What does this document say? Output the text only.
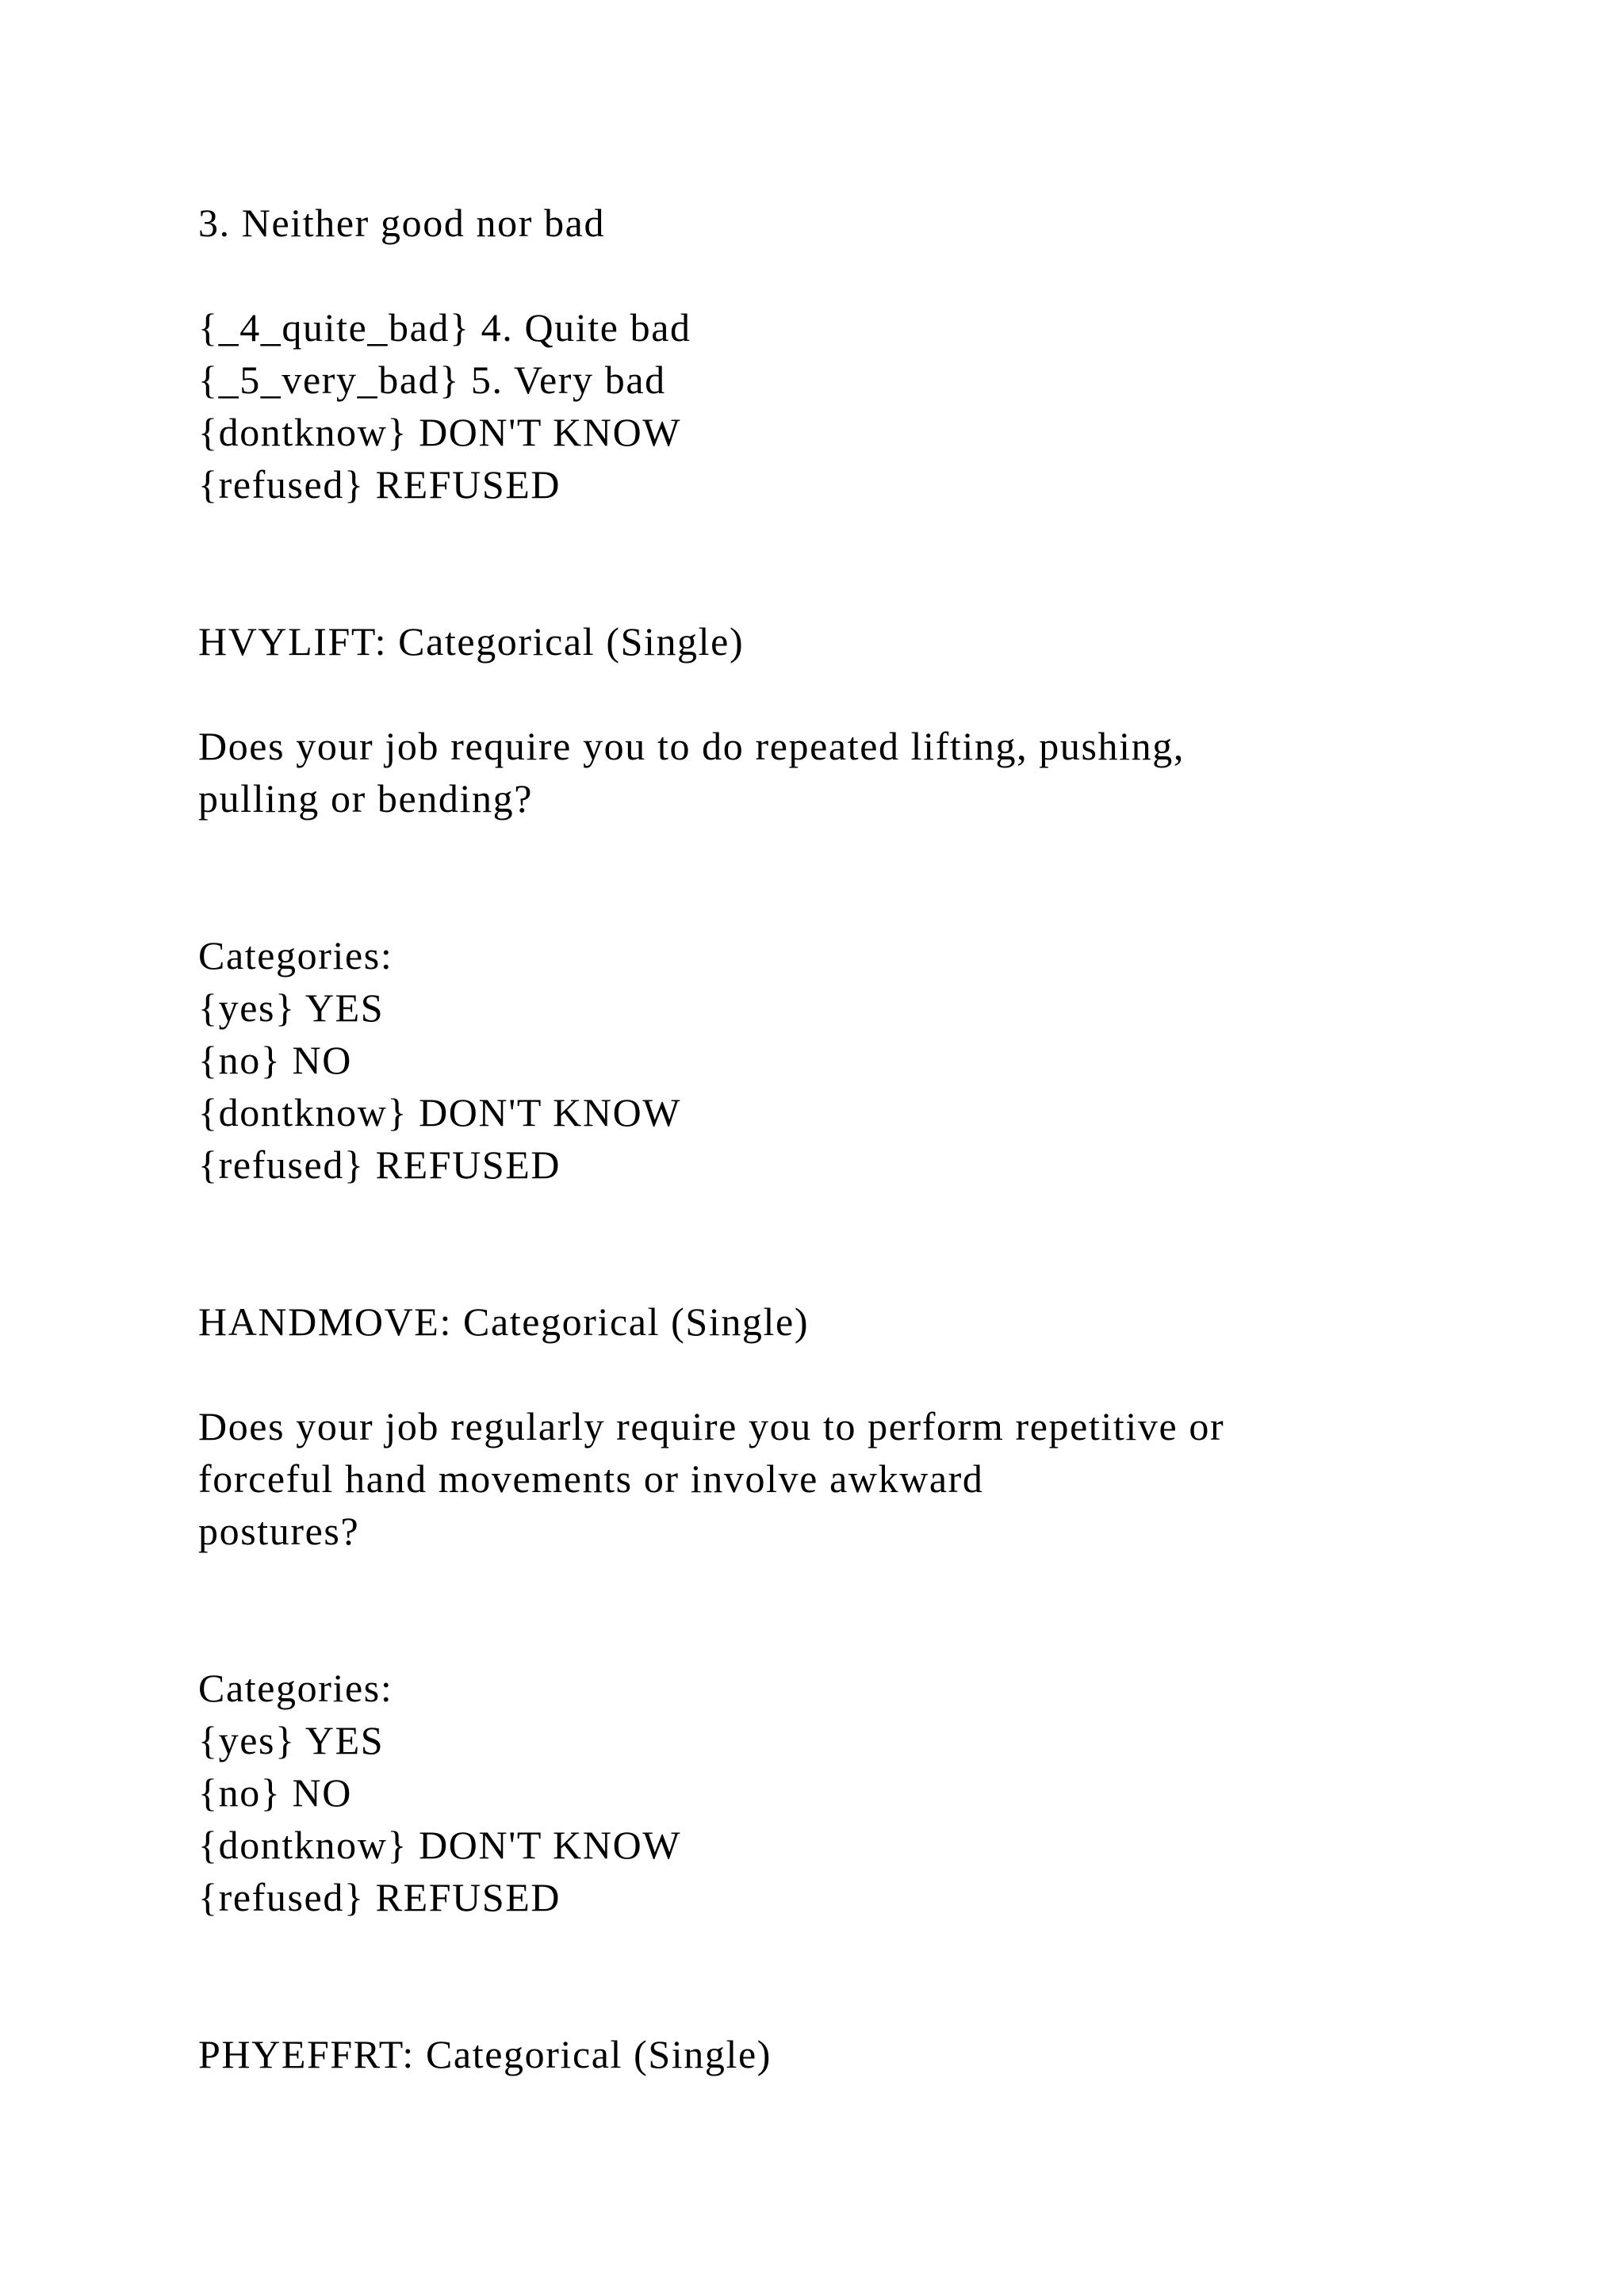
3. Neither good nor bad

{_4_quite_bad} 4. Quite bad

{_5_very_bad} 5. Very bad

{dontknow} DON'T KNOW

{refused} REFUSED

HVYLIFT: Categorical (Single)

Does your job require you to do repeated lifting, pushing,

pulling or bending?

Categories:

{yes} YES

{no} NO

{dontknow} DON'T KNOW

{refused} REFUSED

HANDMOVE: Categorical (Single)

Does your job regularly require you to perform repetitive or

forceful hand movements or involve awkward

postures?

Categories:

{yes} YES

{no} NO

{dontknow} DON'T KNOW

{refused} REFUSED

PHYEFFRT: Categorical (Single)
